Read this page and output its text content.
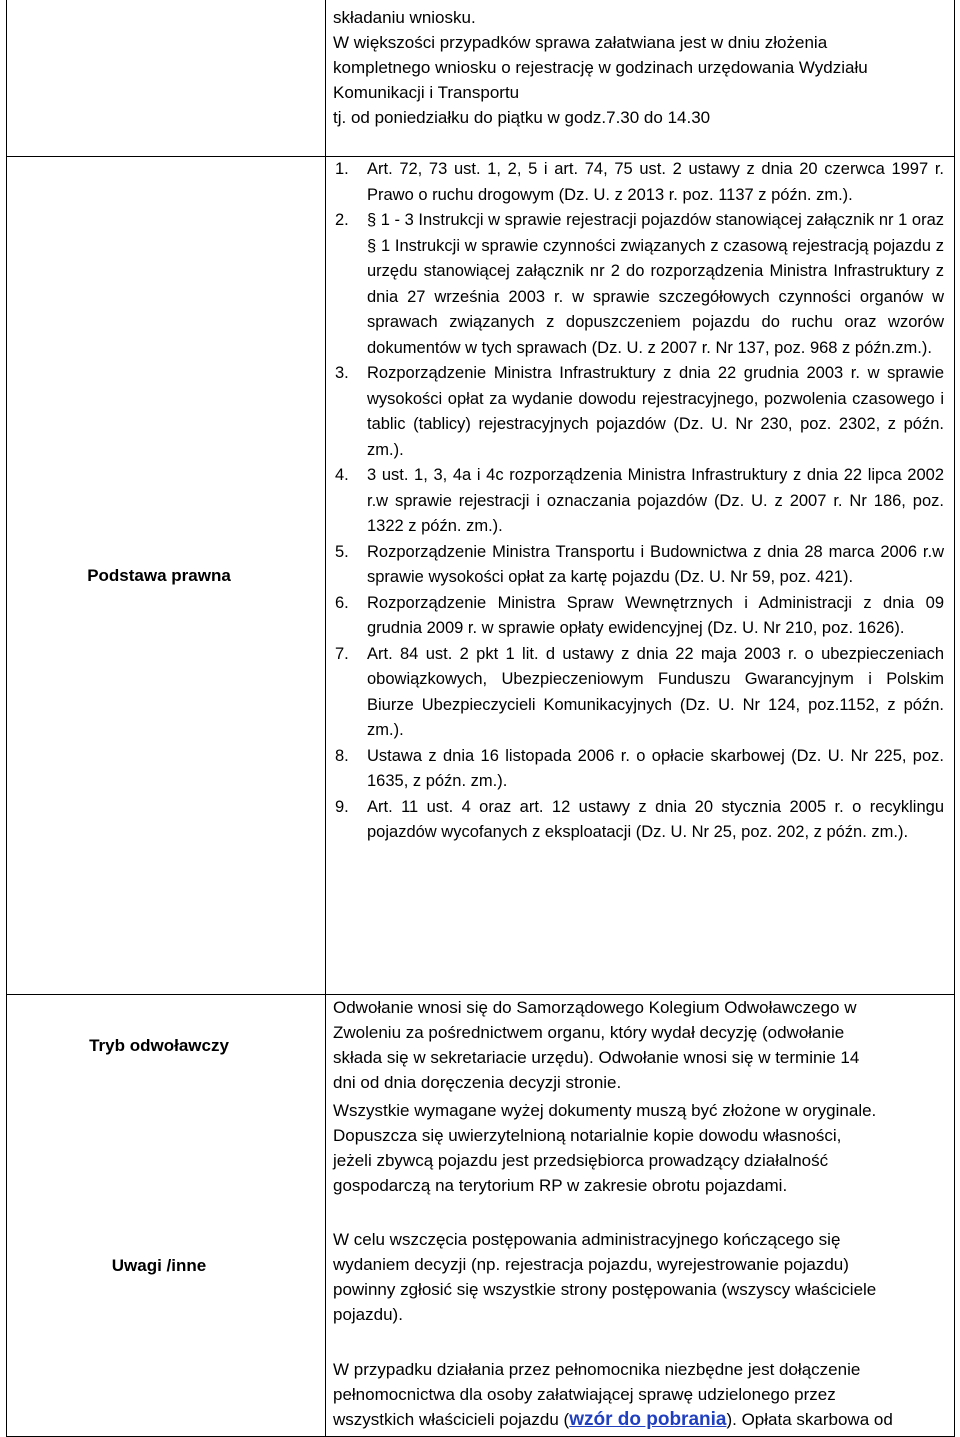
składaniu wniosku.
W większości przypadków sprawa załatwiana jest w dniu złożenia
kompletnego wniosku o rejestrację w godzinach urzędowania Wydziału
Komunikacji i Transportu
tj. od poniedziałku do piątku w godz.7.30 do 14.30
Podstawa prawna
1. Art. 72, 73 ust. 1, 2, 5 i art. 74, 75 ust. 2 ustawy z dnia 20 czerwca 1997 r. Prawo o ruchu drogowym (Dz. U. z 2013 r. poz. 1137 z późn. zm.).
2. § 1 - 3 Instrukcji w sprawie rejestracji pojazdów stanowiącej załącznik nr 1 oraz § 1 Instrukcji w sprawie czynności związanych z czasową rejestracją pojazdu z urzędu stanowiącej załącznik nr 2 do rozporządzenia Ministra Infrastruktury z dnia 27 września 2003 r. w sprawie szczegółowych czynności organów w sprawach związanych z dopuszczeniem pojazdu do ruchu oraz wzorów dokumentów w tych sprawach (Dz. U. z 2007 r. Nr 137, poz. 968 z późn.zm.).
3. Rozporządzenie Ministra Infrastruktury z dnia 22 grudnia 2003 r. w sprawie wysokości opłat za wydanie dowodu rejestracyjnego, pozwolenia czasowego i tablic (tablicy) rejestracyjnych pojazdów (Dz. U. Nr 230, poz. 2302, z późn. zm.).
4. 3 ust. 1, 3, 4a i 4c rozporządzenia Ministra Infrastruktury z dnia 22 lipca 2002 r.w sprawie rejestracji i oznaczania pojazdów (Dz. U. z 2007 r. Nr 186, poz. 1322 z późn. zm.).
5. Rozporządzenie Ministra Transportu i Budownictwa z dnia 28 marca 2006 r.w sprawie wysokości opłat za kartę pojazdu (Dz. U. Nr 59, poz. 421).
6. Rozporządzenie Ministra Spraw Wewnętrznych i Administracji z dnia 09 grudnia 2009 r. w sprawie opłaty ewidencyjnej (Dz. U. Nr 210, poz. 1626).
7. Art. 84 ust. 2 pkt 1 lit. d ustawy z dnia 22 maja 2003 r. o ubezpieczeniach obowiązkowych, Ubezpieczeniowym Funduszu Gwarancyjnym i Polskim Biurze Ubezpieczycieli Komunikacyjnych (Dz. U. Nr 124, poz.1152, z późn. zm.).
8. Ustawa z dnia 16 listopada 2006 r. o opłacie skarbowej (Dz. U. Nr 225, poz. 1635, z późn. zm.).
9. Art. 11 ust. 4 oraz art. 12 ustawy z dnia 20 stycznia 2005 r. o recyklingu pojazdów wycofanych z eksploatacji (Dz. U. Nr 25, poz. 202, z późn. zm.).
Tryb odwoławczy
Odwołanie wnosi się do Samorządowego Kolegium Odwoławczego w
Zwoleniu za pośrednictwem organu, który wydał decyzję (odwołanie
składa się w sekretariacie urzędu). Odwołanie wnosi się w terminie 14
dni od dnia doręczenia decyzji stronie.
Uwagi /inne
Wszystkie wymagane wyżej dokumenty muszą być złożone w oryginale.
Dopuszcza się uwierzytelnioną notarialnie kopie dowodu własności,
jeżeli zbywcą pojazdu jest przedsiębiorca prowadzący działalność
gospodarczą na terytorium RP w zakresie obrotu pojazdami.
W celu wszczęcia postępowania administracyjnego kończącego się
wydaniem decyzji (np. rejestracja pojazdu, wyrejestrowanie pojazdu)
powinny zgłosić się wszystkie strony postępowania (wszyscy właściciele
pojazdu).
W przypadku działania przez pełnomocnika niezbędne jest dołączenie
pełnomocnictwa dla osoby załatwiającej sprawę udzielonego przez
wszystkich właścicieli pojazdu (wzór do pobrania). Opłata skarbowa od
